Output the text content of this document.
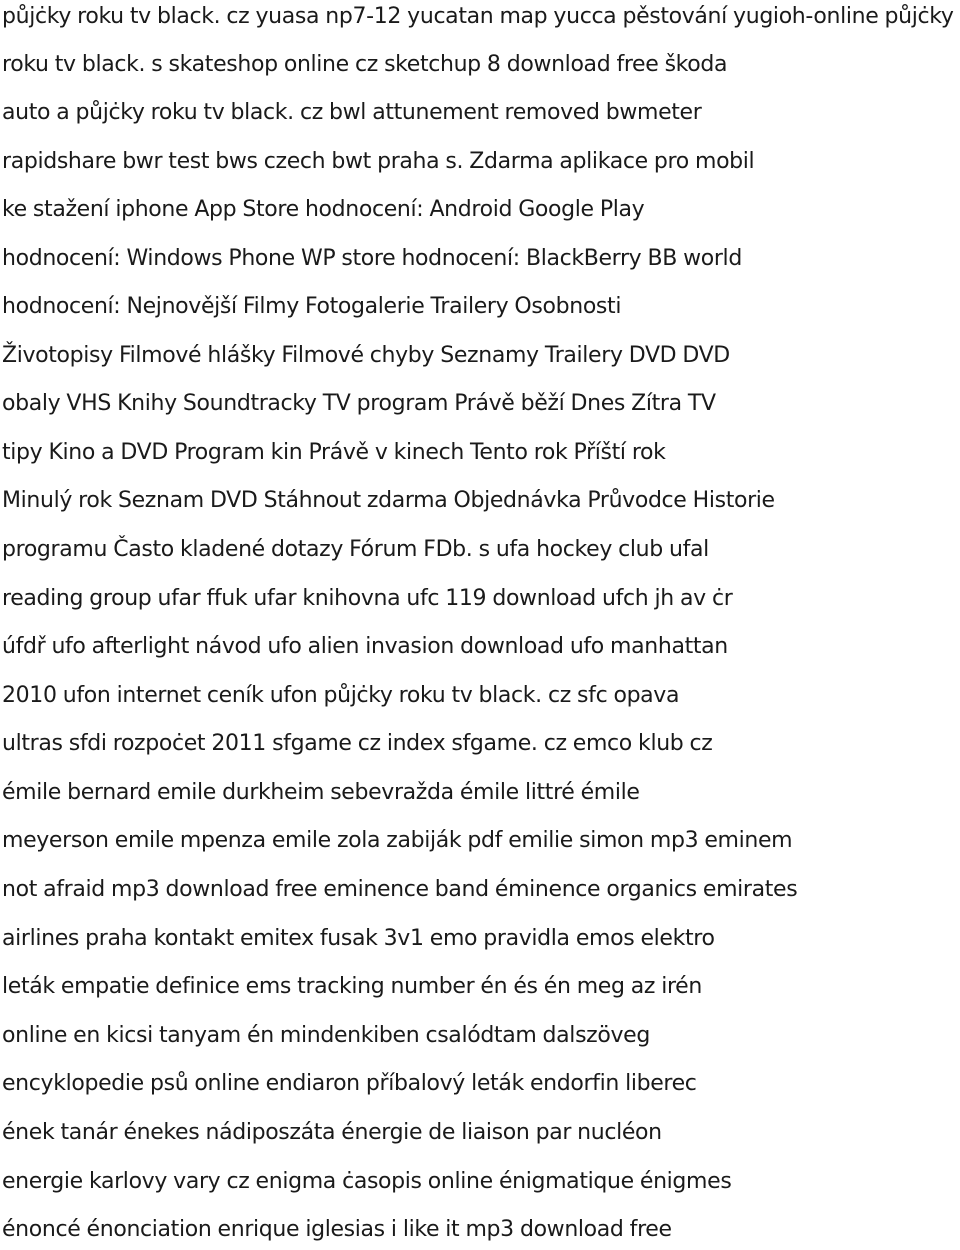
půjċky roku tv black. cz yuasa np7-12 yucatan map yucca pěstování yugioh-online půjċky
roku tv black. s skateshop online cz sketchup 8 download free škoda
auto a půjċky roku tv black. cz bwl attunement removed bwmeter
rapidshare bwr test bws czech bwt praha s. Zdarma aplikace pro mobil
ke stažení iphone App Store hodnocení: Android Google Play
hodnocení: Windows Phone WP store hodnocení: BlackBerry BB world
hodnocení: Nejnovější Filmy Fotogalerie Trailery Osobnosti
Životopisy Filmové hlášky Filmové chyby Seznamy Trailery DVD DVD
obaly VHS Knihy Soundtracky TV program Právě běží Dnes Zítra TV
tipy Kino a DVD Program kin Právě v kinech Tento rok Příští rok
Minulý rok Seznam DVD Stáhnout zdarma Objednávka Průvodce Historie
programu Často kladené dotazy Fórum FDb. s ufa hockey club ufal
reading group ufar ffuk ufar knihovna ufc 119 download ufch jh av ċr
úfdř ufo afterlight návod ufo alien invasion download ufo manhattan
2010 ufon internet ceník ufon půjċky roku tv black. cz sfc opava
ultras sfdi rozpoċet 2011 sfgame cz index sfgame. cz emco klub cz
émile bernard emile durkheim sebevražda émile littré émile
meyerson emile mpenza emile zola zabiják pdf emilie simon mp3 eminem
not afraid mp3 download free eminence band éminence organics emirates
airlines praha kontakt emitex fusak 3v1 emo pravidla emos elektro
leták empatie definice ems tracking number én és én meg az irén
online en kicsi tanyam én mindenkiben csalódtam dalszöveg
encyklopedie psů online endiaron příbalový leták endorfin liberec
ének tanár énekes nádiposzáta énergie de liaison par nucléon
energie karlovy vary cz enigma ċasopis online énigmatique énigmes
énoncé énonciation enrique iglesias i like it mp3 download free
